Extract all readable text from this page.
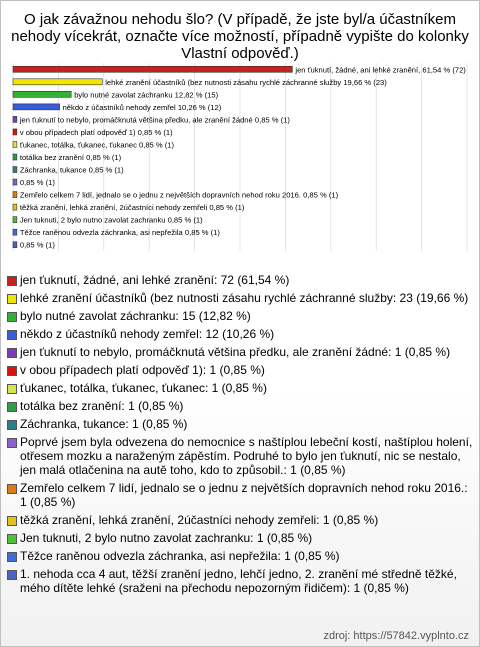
O jak závažnou nehodu šlo? (V případě, že jste byl/a účastníkem nehody vícekrát, označte více možností, případně vypište do kolonky Vlastní odpověď.)
jen ťuknutí, žádné, ani lehké zranění, 61,54 % (72)
lehké zranění účastníků (bez nutnosti zásahu rychlé záchranné služby 19,66 % (23)
bylo nutné zavolat záchranku 12,82 % (15)
někdo z účastníků nehody zemřel 10,26 % (12)
jen ťuknutí to nebylo, promáčknutá většina předku, ale zranění žádné 0,85 % (1)
v obou případech platí odpověď 1) 0,85 % (1)
ťukanec, totálka, ťukanec, ťukanec 0,85 % (1)
totálka bez zranění 0,85 % (1)
Záchranka, tukance 0,85 % (1)
0,85 % (1)
Zemřelo celkem 7 lidí, jednalo se o jednu z největších dopravních nehod roku 2016. 0,85 % (1)
těžká zranění, lehká zranění, 2účastníci nehody zemřeli 0,85 % (1)
Jen tuknuti, 2 bylo nutno zavolat zachranku 0,85 % (1)
Těžce raněnou odvezla záchranka, asi nepřežila 0,85 % (1)
0,85 % (1)
jen ťuknutí, žádné, ani lehké zranění: 72 (61,54 %)
lehké zranění účastníků (bez nutnosti zásahu rychlé záchranné služby: 23 (19,66 %)
bylo nutné zavolat záchranku: 15 (12,82 %)
někdo z účastníků nehody zemřel: 12 (10,26 %)
jen ťuknutí to nebylo, promáčknutá většina předku, ale zranění žádné: 1 (0,85 %)
v obou případech platí odpověď 1): 1 (0,85 %)
ťukanec, totálka, ťukanec, ťukanec: 1 (0,85 %)
totálka bez zranění: 1 (0,85 %)
Záchranka, tukance: 1 (0,85 %)
Poprvé jsem byla odvezena do nemocnice s naštíplou lebeční kostí, naštíplou holení, otřesem mozku a naraženým zápěstím. Podruhé to bylo jen ťuknutí, nic se nestalo, jen malá otlačenina na autě toho, kdo to způsobil.: 1 (0,85 %)
Zemřelo celkem 7 lidí, jednalo se o jednu z největších dopravních nehod roku 2016.: 1 (0,85 %)
těžká zranění, lehká zranění, 2účastníci nehody zemřeli: 1 (0,85 %)
Jen tuknuti, 2 bylo nutno zavolat zachranku: 1 (0,85 %)
Těžce raněnou odvezla záchranka, asi nepřežila: 1 (0,85 %)
1. nehoda cca 4 aut, těžší zranění jedno, lehčí jedno, 2. zranění mé středně těžké, mého dítěte lehké (sraženi na přechodu nepozorným řidičem): 1 (0,85 %)
zdroj: https://57842.vyplnto.cz
